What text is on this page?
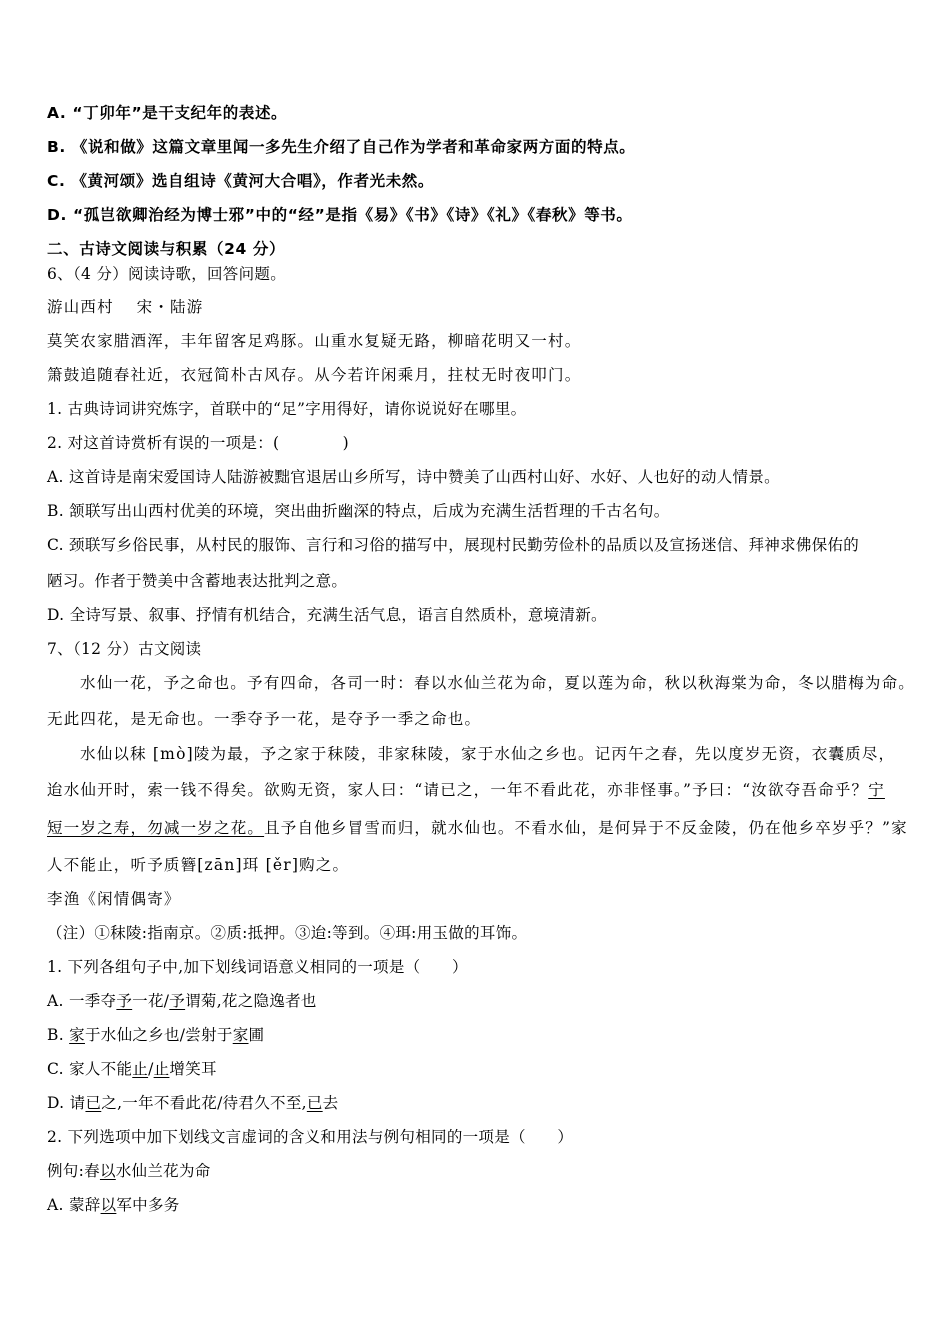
A. “丁卯年”是干支纪年的表述。
B. 《说和做》这篇文章里闻一多先生介绍了自己作为学者和革命家两方面的特点。
C. 《黄河颂》选自组诗《黄河大合唱》，作者光未然。
D. “孤岂欲卿治经为博士邪”中的“经”是指《易》《书》《诗》《礼》《春秋》等书。
二、古诗文阅读与积累（24 分）
6、（4 分）阅读诗歌，回答问题。
游山西村　 宋・陆游
莫笑农家腊酒浑，丰年留客足鸡豚。山重水复疑无路，柳暗花明又一村。
箫鼓追随春社近，衣冠简朴古风存。从今若许闲乘月，拄杖无时夜叩门。
1. 古典诗词讲究炼字，首联中的“足”字用得好，请你说说好在哪里。
2. 对这首诗赏析有误的一项是：(　　　　)
A. 这首诗是南宋爱国诗人陆游被黜官退居山乡所写，诗中赞美了山西村山好、水好、人也好的动人情景。
B. 颔联写出山西村优美的环境，突出曲折幽深的特点，后成为充满生活哲理的千古名句。
C. 颈联写乡俗民事，从村民的服饰、言行和习俗的描写中，展现村民勤劳俭朴的品质以及宣扬迷信、拜神求佛保佑的
陋习。作者于赞美中含蓄地表达批判之意。
D. 全诗写景、叙事、抒情有机结合，充满生活气息，语言自然质朴，意境清新。
7、（12 分）古文阅读
水仙一花，予之命也。予有四命，各司一时：春以水仙兰花为命，夏以莲为命，秋以秋海棠为命，冬以腊梅为命。
无此四花，是无命也。一季夺予一花，是夺予一季之命也。
水仙以秣 [mò]陵为最，予之家于秣陵，非家秣陵，家于水仙之乡也。记丙午之春，先以度岁无资，衣囊质尽，
迨水仙开时，索一钱不得矣。欲购无资，家人曰：“请已之，一年不看此花，亦非怪事。”予曰：“汝欲夺吾命乎？宁
短一岁之寿，勿减一岁之花。且予自他乡冒雪而归，就水仙也。不看水仙，是何异于不反金陵，仍在他乡卒岁乎？”家
人不能止，听予质簪[zān]珥 [ěr]购之。
李渔《闲情偶寄》
（注）①秣陵:指南京。②质:抵押。③迨:等到。④珥:用玉做的耳饰。
1. 下列各组句子中,加下划线词语意义相同的一项是（　　）
A. 一季夺予一花/予谓菊,花之隐逸者也
B. 家于水仙之乡也/尝射于家圃
C. 家人不能止/止增笑耳
D. 请已之,一年不看此花/待君久不至,已去
2. 下列选项中加下划线文言虚词的含义和用法与例句相同的一项是（　　）
例句:春以水仙兰花为命
A. 蒙辞以军中多务
